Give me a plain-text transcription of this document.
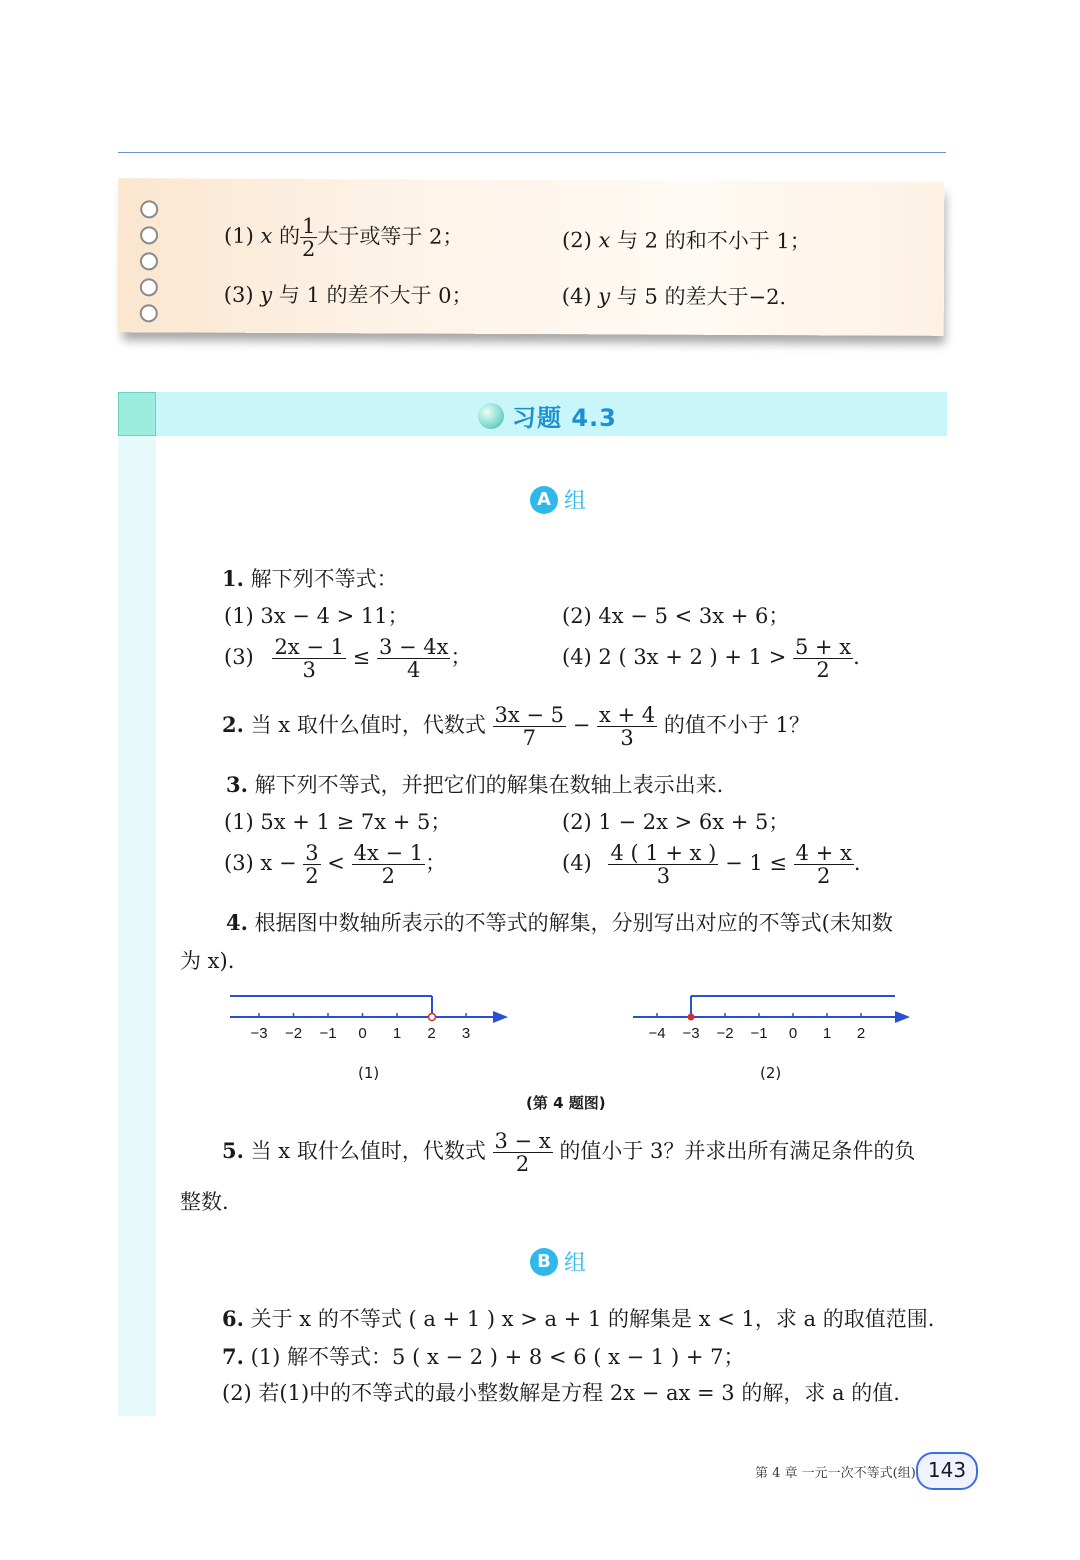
(1) x 的 $\frac{1}{2}$ 大于或等于 2；	(2) x 与 2 的和不小于 1；
(3) y 与 1 的差不大于 0；	(4) y 与 5 的差大于−2.
习题 4.3
A 组
1. 解下列不等式：
(1) 3x − 4 > 11；	(2) 4x − 5 < 3x + 6；
$(3) \frac{2x - 1}{3} \le \frac{3 - 4x}{4}$ ；	(4) 2 ( 3x + 2 ) + $1 > \frac{5 + x}{2}$ .
2. 当 x 取什么值时，代数式 $\frac{3x - 5}{7} - \frac{x + 4}{3}$ 的值不小于 1？
3. 解下列不等式，并把它们的解集在数轴上表示出来.
(1) 5x + 1 ≥ 7x + 5；	(2) 1 − 2x > 6x + 5；
(3) $x - \frac{3}{2} < \frac{4x - 1}{2}$ ；	$(4) \frac{4 ( 1 + x )}{3} - 1 \le \frac{4 + x}{2}$ .
4. 根据图中数轴所表示的不等式的解集，分别写出对应的不等式(未知数
为 x).
−3 −2 −1 0 1 2 3
(1)
−4 −3 −2 −1 0 1 2
(2)
(第 4 题图)
5. 当 x 取什么值时，代数式 $\frac{3 - x}{2}$ 的值小于 3？并求出所有满足条件的负
整数.
B 组
6. 关于 x 的不等式 ( a + 1 ) x > a + 1 的解集是 x < 1，求 a 的取值范围.
7. (1) 解不等式：5 ( x − 2 ) + 8 < 6 ( x − 1 ) + 7；
(2) 若(1)中的不等式的最小整数解是方程 2x − ax = 3 的解，求 a 的值.
第 4 章 一元一次不等式(组) 143
